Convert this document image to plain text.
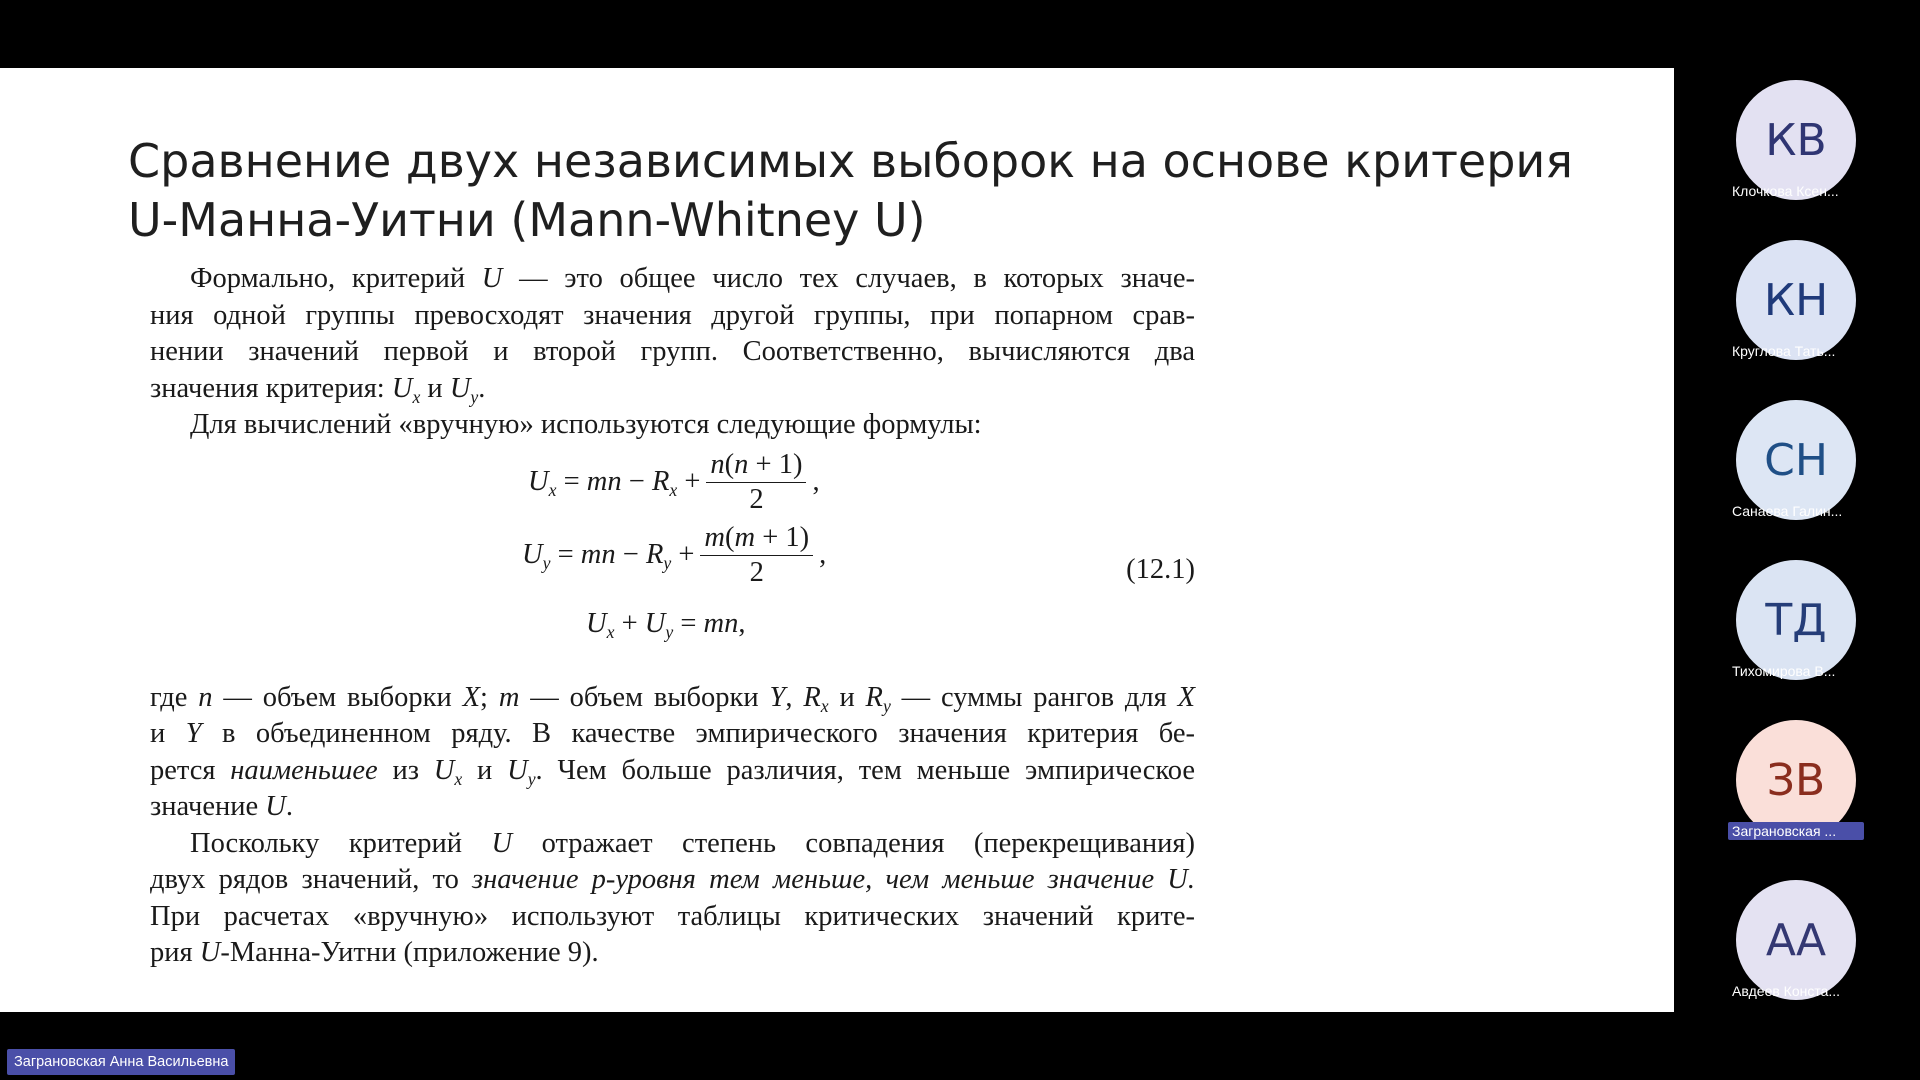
Сравнение двух независимых выборок на основе критерия
U-Манна-Уитни (Mann-Whitney U)

Формально, критерий U — это общее число тех случаев, в которых значе-

ния одной группы превосходят значения другой группы, при попарном срав-

нении значений первой и второй групп. Соответственно, вычисляются два

значения критерия: $U_x$ и $U_y$.

Для вычислений «вручную» используются следующие формулы:

$U_x$ = mn − $R_x + \frac{n(n + 1)}{2}$ ,
$U_y$ = mn − $R_y + \frac{m(m + 1)}{2}$ ,
$U_x + U_y$ = mn,
(12.1)

где n — объем выборки X; m — объем выборки Y, $R_x$ и $R_y$ — суммы рангов для X

и Y в объединенном ряду. В качестве эмпирического значения критерия бе-

рется наименьшее из $U_x$ и $U_y$. Чем больше различия, тем меньше эмпирическое

значение U.

Поскольку критерий U отражает степень совпадения (перекрещивания)

двух рядов значений, то значение p-уровня тем меньше, чем меньше значение U.

При расчетах «вручную» используют таблицы критических значений крите-

рия U-Манна-Уитни (приложение 9).

КВ
Клочкова Ксен...
КН
Круглова Тать...
СН
Санаева Галин...
ТД
Тихомирова В...
ЗВ
Заграновская ...
АА
Авдеев Конста...
Заграновская Анна Васильевна
